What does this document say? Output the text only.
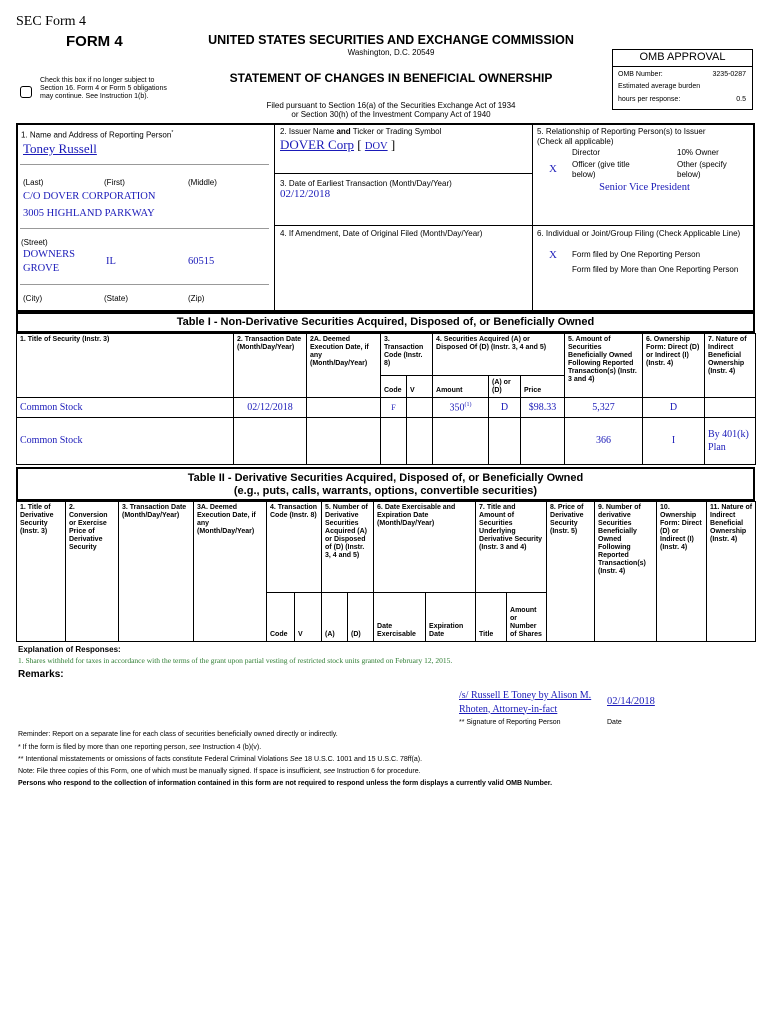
SEC Form 4
FORM 4	UNITED STATES SECURITIES AND EXCHANGE COMMISSION
Washington, D.C. 20549
Check this box if no longer subject to Section 16. Form 4 or Form 5 obligations may continue. See Instruction 1(b).
STATEMENT OF CHANGES IN BENEFICIAL OWNERSHIP
Filed pursuant to Section 16(a) of the Securities Exchange Act of 1934
or Section 30(h) of the Investment Company Act of 1940
OMB APPROVAL
OMB Number:	3235-0287
Estimated average burden
hours per response:	0.5
1. Name and Address of Reporting Person*
Toney Russell
(Last)	(First)	(Middle)
C/O DOVER CORPORATION
3005 HIGHLAND PARKWAY
(Street)
DOWNERS GROVE
IL	60515
(City)	(State)	(Zip)
2. Issuer Name and Ticker or Trading Symbol
DOVER Corp [ DOV ]
3. Date of Earliest Transaction (Month/Day/Year)
02/12/2018
4. If Amendment, Date of Original Filed (Month/Day/Year)
5. Relationship of Reporting Person(s) to Issuer
(Check all applicable)
Director	10% Owner
X Officer (give title below)
Other (specify below)
Senior Vice President
6. Individual or Joint/Group Filing (Check Applicable Line)
X Form filed by One Reporting Person
Form filed by More than One Reporting Person
Table I - Non-Derivative Securities Acquired, Disposed of, or Beneficially Owned
1. Title of Security (Instr. 3)	2. Transaction Date (Month/Day/Year)	2A. Deemed Execution Date, if any (Month/Day/Year)	3. Transaction Code (Instr. 8)		4. Securities Acquired (A) or Disposed Of (D) (Instr. 3, 4 and 5)			5. Amount of Securities Beneficially Owned Following Reported Transaction(s) (Instr. 3 and 4)	6. Ownership Form: Direct (D) or Indirect (I) (Instr. 4)	7. Nature of Indirect Beneficial Ownership (Instr. 4)
			Code	V	Amount	(A) or (D)	Price			
Common Stock	02/12/2018		F		350$^{(1)}$	D	$98.33	5,327	D	
Common Stock								366	I	By 401(k) Plan
Table II - Derivative Securities Acquired, Disposed of, or Beneficially Owned
(e.g., puts, calls, warrants, options, convertible securities)
1. Title of Derivative Security (Instr. 3)	2. Conversion or Exercise Price of Derivative Security	3. Transaction Date (Month/Day/Year)	3A. Deemed Execution Date, if any (Month/Day/Year)	4. Transaction Code (Instr. 8)		5. Number of Derivative Securities Acquired (A) or Disposed of (D) (Instr. 3, 4 and 5)		6. Date Exercisable and Expiration Date (Month/Day/Year)		7. Title and Amount of Securities Underlying Derivative Security (Instr. 3 and 4)		8. Price of Derivative Security (Instr. 5)	9. Number of derivative Securities Beneficially Owned Following Reported Transaction(s) (Instr. 4)	10. Ownership Form: Direct (D) or Indirect (I) (Instr. 4)	11. Nature of Indirect Beneficial Ownership (Instr. 4)
				Code	V	(A)	(D)	Date Exercisable	Expiration Date	Title	Amount or Number of Shares				
Explanation of Responses:
1. Shares withheld for taxes in accordance with the terms of the grant upon partial vesting of restricted stock units granted on February 12, 2015.
Remarks:
/s/ Russell E Toney by Alison M. Rhoten, Attorney-in-fact
02/14/2018
** Signature of Reporting Person	Date
Reminder: Report on a separate line for each class of securities beneficially owned directly or indirectly.
* If the form is filed by more than one reporting person, see Instruction 4 (b)(v).
** Intentional misstatements or omissions of facts constitute Federal Criminal Violations See 18 U.S.C. 1001 and 15 U.S.C. 78ff(a).
Note: File three copies of this Form, one of which must be manually signed. If space is insufficient, see Instruction 6 for procedure.
Persons who respond to the collection of information contained in this form are not required to respond unless the form displays a currently valid OMB Number.
